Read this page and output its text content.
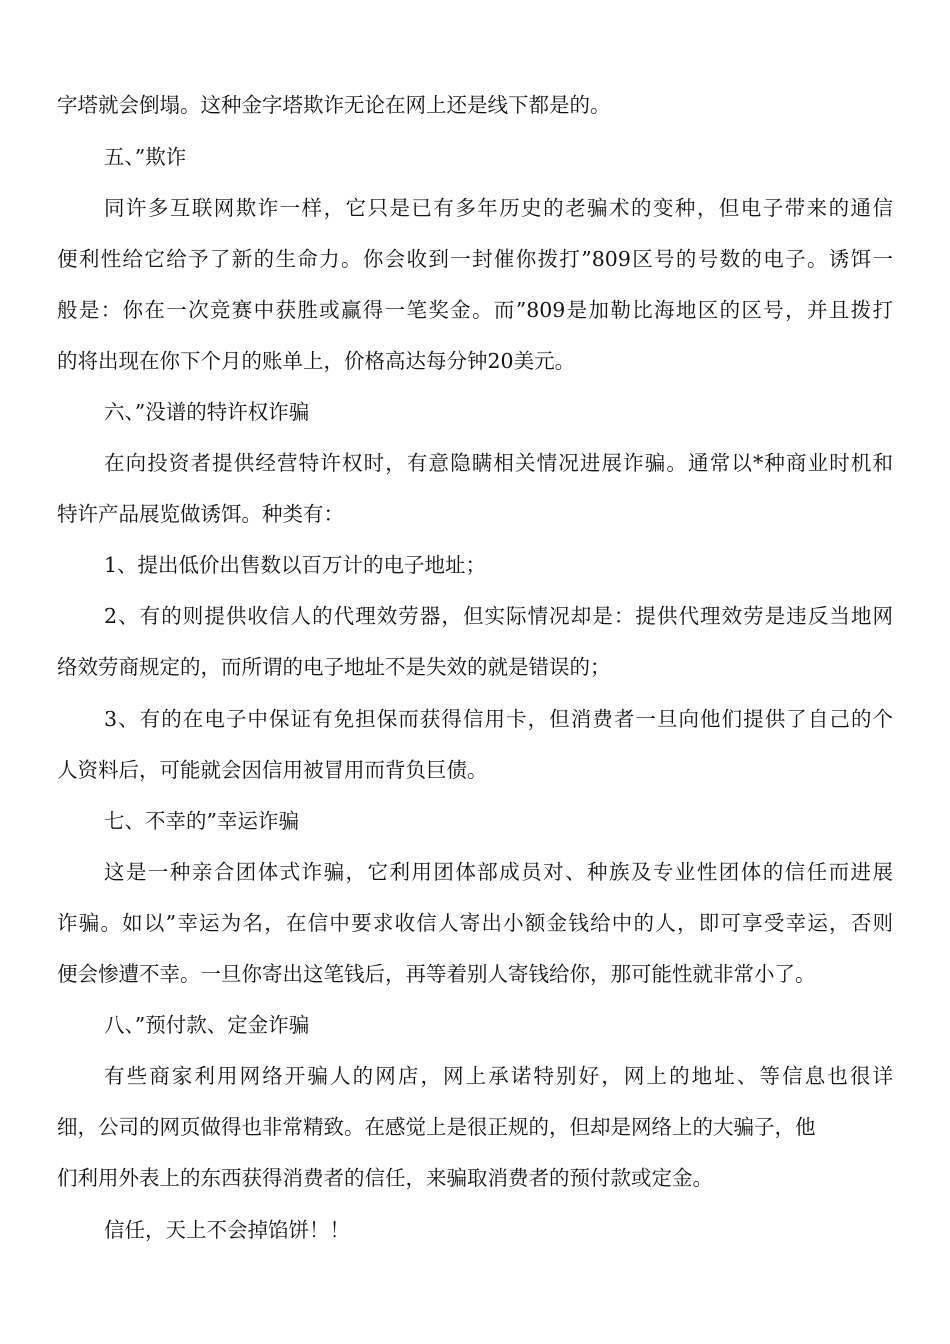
字塔就会倒塌。这种金字塔欺诈无论在网上还是线下都是的。
五、”欺诈
同许多互联网欺诈一样，它只是已有多年历史的老骗术的变种，但电子带来的通信
便利性给它给予了新的生命力。你会收到一封催你拨打”809区号的号数的电子。诱饵一
般是：你在一次竞赛中获胜或赢得一笔奖金。而”809是加勒比海地区的区号，并且拨打
的将出现在你下个月的账单上，价格高达每分钟20美元。
六、”没谱的特许权诈骗
在向投资者提供经营特许权时，有意隐瞒相关情况进展诈骗。通常以*种商业时机和
特许产品展览做诱饵。种类有：
1、提出低价出售数以百万计的电子地址；
2、有的则提供收信人的代理效劳器，但实际情况却是：提供代理效劳是违反当地网
络效劳商规定的，而所谓的电子地址不是失效的就是错误的；
3、有的在电子中保证有免担保而获得信用卡，但消费者一旦向他们提供了自己的个
人资料后，可能就会因信用被冒用而背负巨债。
七、不幸的”幸运诈骗
这是一种亲合团体式诈骗，它利用团体部成员对、种族及专业性团体的信任而进展
诈骗。如以”幸运为名，在信中要求收信人寄出小额金钱给中的人，即可享受幸运，否则
便会惨遭不幸。一旦你寄出这笔钱后，再等着别人寄钱给你，那可能性就非常小了。
八、”预付款、定金诈骗
有些商家利用网络开骗人的网店，网上承诺特别好，网上的地址、等信息也很详
细，公司的网页做得也非常精致。在感觉上是很正规的，但却是网络上的大骗子，他
们利用外表上的东西获得消费者的信任，来骗取消费者的预付款或定金。
信任，天上不会掉馅饼！！
